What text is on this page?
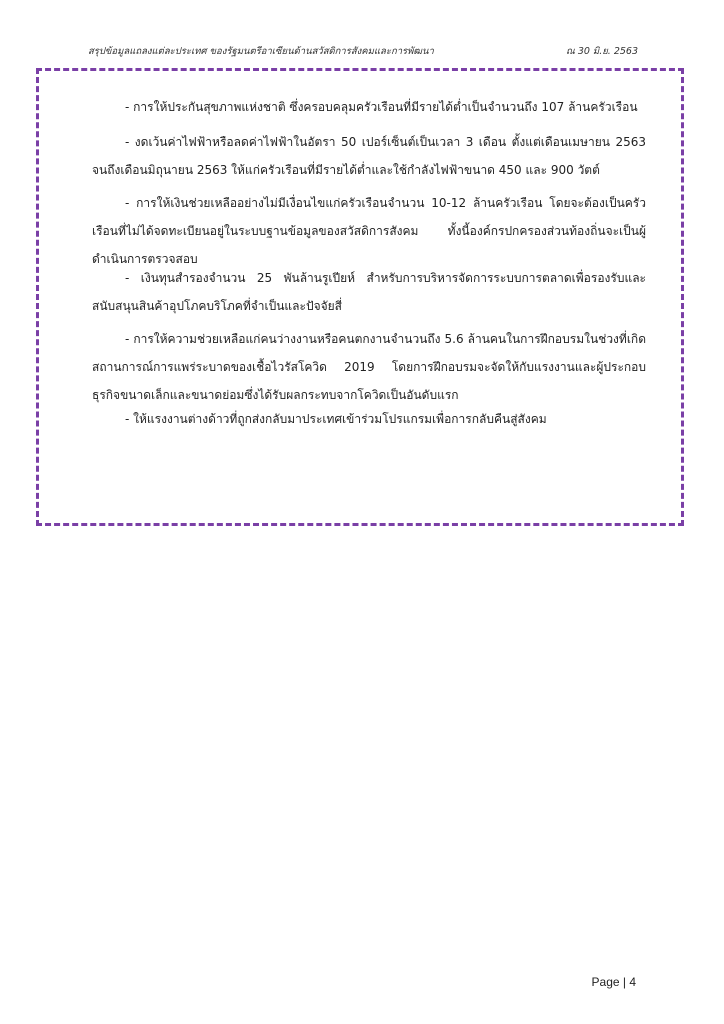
สรุปข้อมูลแถลงแต่ละประเทศ ของรัฐมนตรีอาเซียนด้านสวัสดิการสังคมและการพัฒนา	ณ 30 มิ.ย. 2563

- การให้ประกันสุขภาพแห่งชาติ ซึ่งครอบคลุมครัวเรือนที่มีรายได้ต่ำเป็นจำนวนถึง 107 ล้านครัวเรือน

- งดเว้นค่าไฟฟ้าหรือลดค่าไฟฟ้าในอัตรา 50 เปอร์เซ็นต์เป็นเวลา 3 เดือน ตั้งแต่เดือนเมษายน 2563 จนถึงเดือนมิถุนายน 2563 ให้แก่ครัวเรือนที่มีรายได้ต่ำและใช้กำลังไฟฟ้าขนาด 450 และ 900 วัตต์

- การให้เงินช่วยเหลืออย่างไม่มีเงื่อนไขแก่ครัวเรือนจำนวน 10-12 ล้านครัวเรือน โดยจะต้องเป็นครัวเรือนที่ไม่ได้จดทะเบียนอยู่ในระบบฐานข้อมูลของสวัสดิการสังคม ทั้งนี้องค์กรปกครองส่วนท้องถิ่นจะเป็นผู้ดำเนินการตรวจสอบ

- เงินทุนสำรองจำนวน 25 พันล้านรูเปียห์ สำหรับการบริหารจัดการระบบการตลาดเพื่อรองรับและสนับสนุนสินค้าอุปโภคบริโภคที่จำเป็นและปัจจัยสี่

- การให้ความช่วยเหลือแก่คนว่างงานหรือคนตกงานจำนวนถึง 5.6 ล้านคนในการฝึกอบรมในช่วงที่เกิดสถานการณ์การแพร่ระบาดของเชื้อไวรัสโควิด 2019 โดยการฝึกอบรมจะจัดให้กับแรงงานและผู้ประกอบธุรกิจขนาดเล็กและขนาดย่อมซึ่งได้รับผลกระทบจากโควิดเป็นอันดับแรก

- ให้แรงงานต่างด้าวที่ถูกส่งกลับมาประเทศเข้าร่วมโปรแกรมเพื่อการกลับคืนสู่สังคม

Page | 4
